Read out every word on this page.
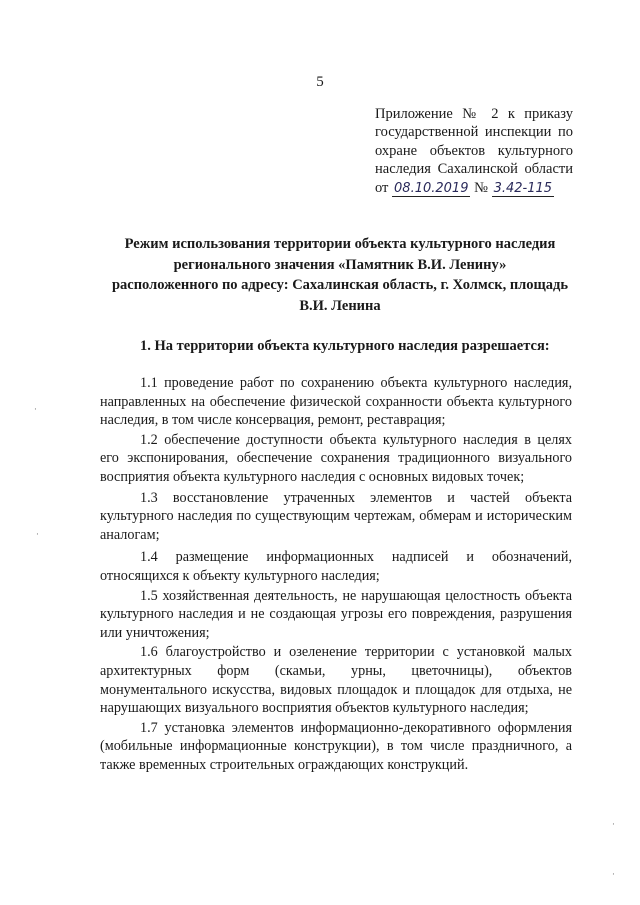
5
Приложение № 2 к приказу
государственной инспекции по
охране объектов культурного
наследия Сахалинской области
от 08.10.2019 № 3.42-115
Режим использования территории объекта культурного наследия
регионального значения «Памятник В.И. Ленину»
расположенного по адресу: Сахалинская область, г. Холмск, площадь
В.И. Ленина
1. На территории объекта культурного наследия разрешается:

1.1 проведение работ по сохранению объекта культурного наследия, направленных на обеспечение физической сохранности объекта культурного наследия, в том числе консервация, ремонт, реставрация;

1.2 обеспечение доступности объекта культурного наследия в целях его экспонирования, обеспечение сохранения традиционного визуального восприятия объекта культурного наследия с основных видовых точек;

1.3 восстановление утраченных элементов и частей объекта культурного наследия по существующим чертежам, обмерам и историческим аналогам;

1.4 размещение информационных надписей и обозначений, относящихся к объекту культурного наследия;

1.5 хозяйственная деятельность, не нарушающая целостность объекта культурного наследия и не создающая угрозы его повреждения, разрушения или уничтожения;

1.6 благоустройство и озеленение территории с установкой малых архитектурных форм (скамьи, урны, цветочницы), объектов монументального искусства, видовых площадок и площадок для отдыха, не нарушающих визуального восприятия объектов культурного наследия;

1.7 установка элементов информационно-декоративного оформления (мобильные информационные конструкции), в том числе праздничного, а также временных строительных ограждающих конструкций.

·
·
·
·
